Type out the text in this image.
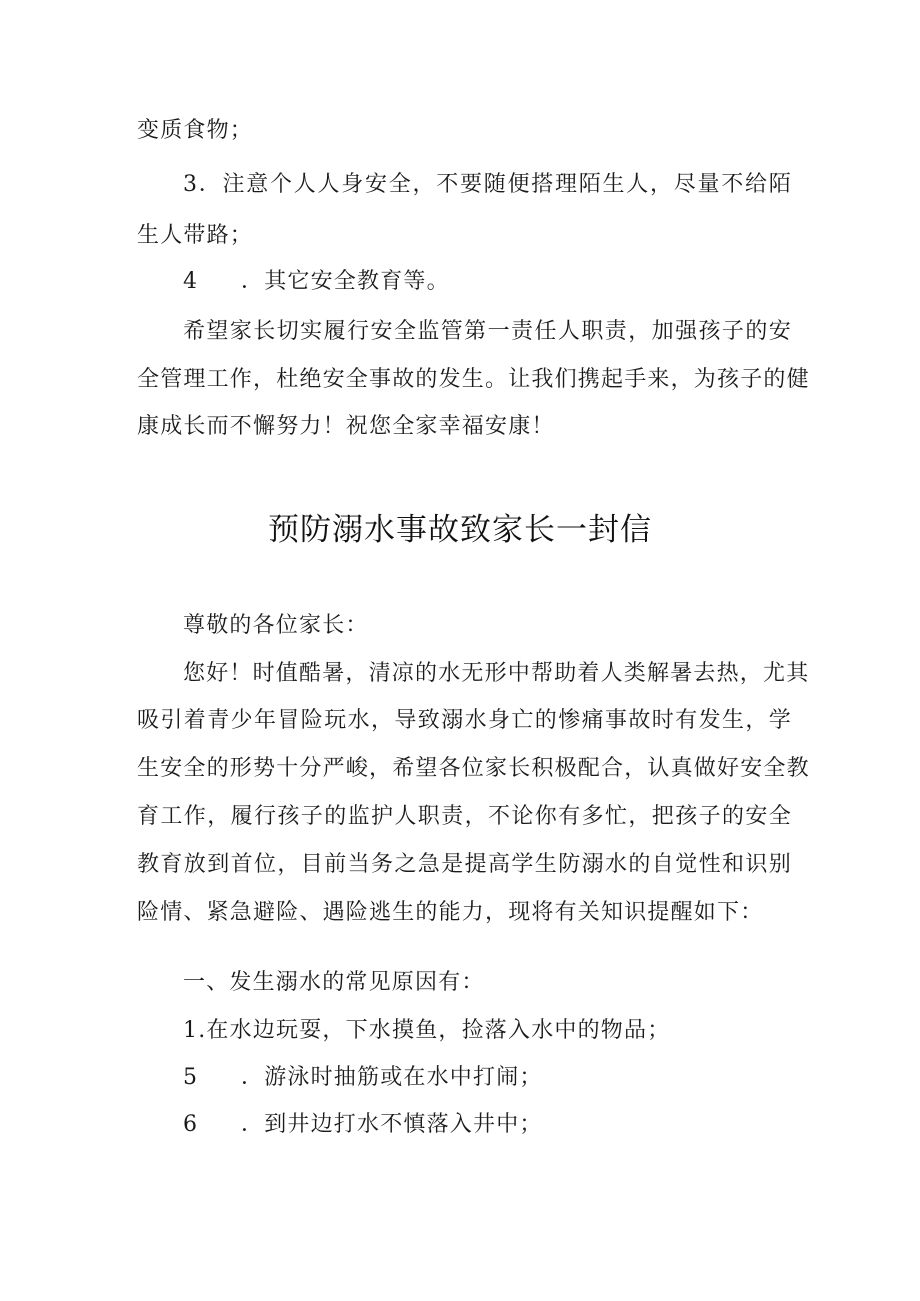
变质食物；
3．注意个人人身安全，不要随便搭理陌生人，尽量不给陌
生人带路；
4 ．其它安全教育等。
希望家长切实履行安全监管第一责任人职责，加强孩子的安
全管理工作，杜绝安全事故的发生。让我们携起手来，为孩子的健
康成长而不懈努力！祝您全家幸福安康！
预防溺水事故致家长一封信
尊敬的各位家长：
您好！时值酷暑，清凉的水无形中帮助着人类解暑去热，尤其
吸引着青少年冒险玩水，导致溺水身亡的惨痛事故时有发生，学
生安全的形势十分严峻，希望各位家长积极配合，认真做好安全教
育工作，履行孩子的监护人职责，不论你有多忙，把孩子的安全
教育放到首位，目前当务之急是提高学生防溺水的自觉性和识别
险情、紧急避险、遇险逃生的能力，现将有关知识提醒如下：
一、发生溺水的常见原因有：
1.在水边玩耍，下水摸鱼，捡落入水中的物品；
5 ．游泳时抽筋或在水中打闹；
6 ．到井边打水不慎落入井中；
